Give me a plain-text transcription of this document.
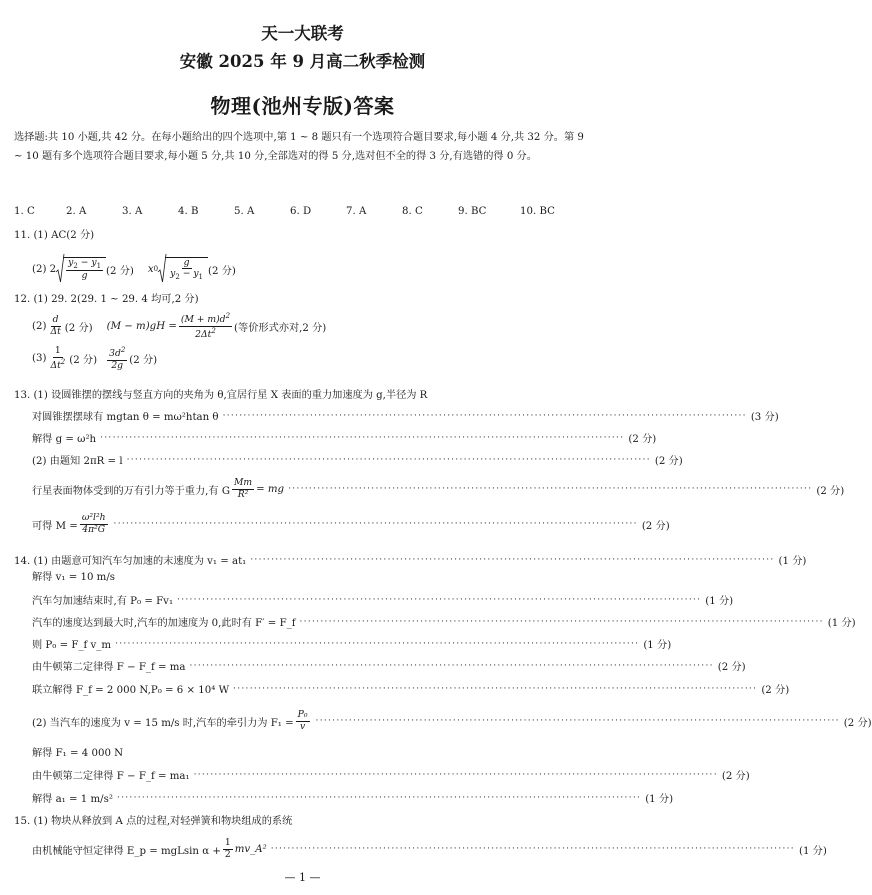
天一大联考
安徽 2025 年 9 月高二秋季检测
物理(池州专版)答案
选择题:共 10 小题,共 42 分。在每小题给出的四个选项中,第 1 ~ 8 题只有一个选项符合题目要求,每小题 4 分,共 32 分。第 9 ~ 10 题有多个选项符合题目要求,每小题 5 分,共 10 分,全部选对的得 5 分,选对但不全的得 3 分,有选错的得 0 分。
1. C	2. A	3. A	4. B	5. A	6. D	7. A	8. C	9. BC	10. BC
11. (1) AC(2 分)
(2) $2 \frac{y_2 - y_1}{g} (2$ 分) x $0 \frac{g}{y_2 - y_1} (2$ 分)
12. (1) 29. 2(29. 1 ~ 29. 4 均可,2 分)
$(2) \frac{d}{\Delta t} (2$ 分) $(M - m)gH = \frac{(M + m)d^2}{2\Delta t^2}$ (等价形式亦对,2 分)
$(3) \frac{1}{\Delta t^2} (2$ 分) $\frac{3d^2}{2g} (2$ 分)
13. (1) 设圆锥摆的摆线与竖直方向的夹角为 θ,宜居行星 X 表面的重力加速度为 g,半径为 R
对圆锥摆摆球有 mgtan θ = mω²htan θ ······························································································································ (3 分)
解得 g = ω²h ······························································································································ (2 分)
(2) 由题知 2πR = l ······························································································································ (2 分)
行星表面物体受到的万有引力等于重力,有 G $\frac{Mm}{\text{R²}}$ = mg ······························································································································ (2 分)
可得 $M = \frac{\text{ω²l²h}}{\text{4π²G}}$ ······························································································································ (2 分)
14. (1) 由题意可知汽车匀加速的末速度为 v₁ = at₁ ······························································································································ (1 分)
解得 v₁ = 10 m/s
汽车匀加速结束时,有 P₀ = Fv₁ ······························································································································ (1 分)
汽车的速度达到最大时,汽车的加速度为 0,此时有 F′ = F_f ······························································································································ (1 分)
则 P₀ = F_f v_m ······························································································································ (1 分)
由牛顿第二定律得 F − F_f = ma ······························································································································ (2 分)
联立解得 F_f = 2 000 N,P₀ = 6 × 10⁴ W ······························································································································ (2 分)
(2) 当汽车的速度为 v = 15 m/s 时,汽车的牵引力为 $F_1 = \frac{\text{P₀}}{v}$ ······························································································································ (2 分)
解得 F₁ = 4 000 N
由牛顿第二定律得 F − F_f = ma₁ ······························································································································ (2 分)
解得 a₁ = 1 m/s² ······························································································································ (1 分)
15. (1) 物块从释放到 A 点的过程,对轻弹簧和物块组成的系统
由机械能守恒定律得 E_p = mgLsin $\alpha + \frac{1}{2}$ mv_A² ······························································································································ (1 分)
— 1 —
